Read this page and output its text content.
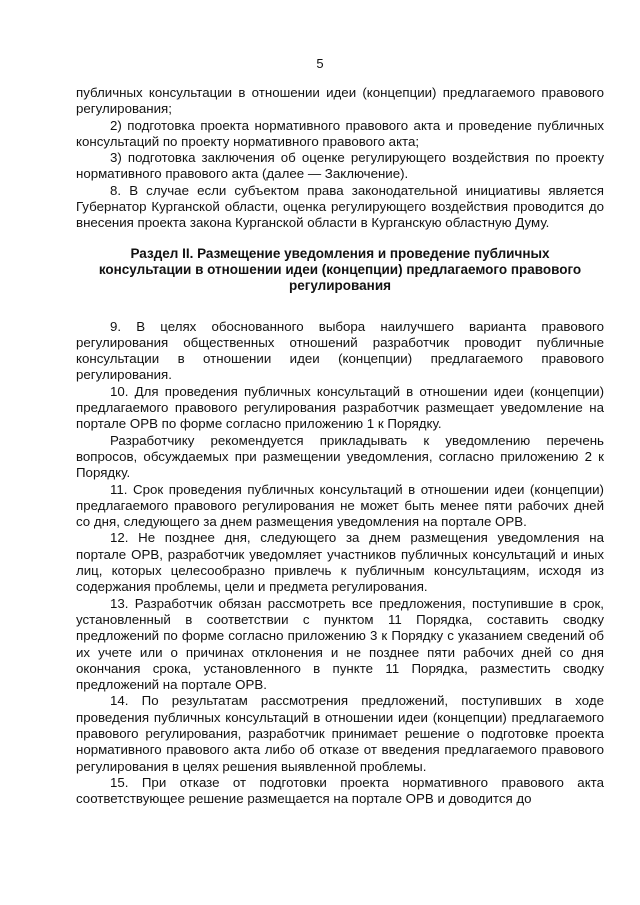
5

публичных консультации в отношении идеи (концепции) предлагаемого правового регулирования;

2) подготовка проекта нормативного правового акта и проведение публичных консультаций по проекту нормативного правового акта;

3) подготовка заключения об оценке регулирующего воздействия по проекту нормативного правового акта (далее — Заключение).

8. В случае если субъектом права законодательной инициативы является Губернатор Курганской области, оценка регулирующего воздействия проводится до внесения проекта закона Курганской области в Курганскую областную Думу.

Раздел II. Размещение уведомления и проведение публичных консультации в отношении идеи (концепции) предлагаемого правового регулирования

9. В целях обоснованного выбора наилучшего варианта правового регулирования общественных отношений разработчик проводит публичные консультации в отношении идеи (концепции) предлагаемого правового регулирования.

10. Для проведения публичных консультаций в отношении идеи (концепции) предлагаемого правового регулирования разработчик размещает уведомление на портале ОРВ по форме согласно приложению 1 к Порядку.

Разработчику рекомендуется прикладывать к уведомлению перечень вопросов, обсуждаемых при размещении уведомления, согласно приложению 2 к Порядку.

11. Срок проведения публичных консультаций в отношении идеи (концепции) предлагаемого правового регулирования не может быть менее пяти рабочих дней со дня, следующего за днем размещения уведомления на портале ОРВ.

12. Не позднее дня, следующего за днем размещения уведомления на портале ОРВ, разработчик уведомляет участников публичных консультаций и иных лиц, которых целесообразно привлечь к публичным консультациям, исходя из содержания проблемы, цели и предмета регулирования.

13. Разработчик обязан рассмотреть все предложения, поступившие в срок, установленный в соответствии с пунктом 11 Порядка, составить сводку предложений по форме согласно приложению 3 к Порядку с указанием сведений об их учете или о причинах отклонения и не позднее пяти рабочих дней со дня окончания срока, установленного в пункте 11 Порядка, разместить сводку предложений на портале ОРВ.

14. По результатам рассмотрения предложений, поступивших в ходе проведения публичных консультаций в отношении идеи (концепции) предлагаемого правового регулирования, разработчик принимает решение о подготовке проекта нормативного правового акта либо об отказе от введения предлагаемого правового регулирования в целях решения выявленной проблемы.

15. При отказе от подготовки проекта нормативного правового акта соответствующее решение размещается на портале ОРВ и доводится до
